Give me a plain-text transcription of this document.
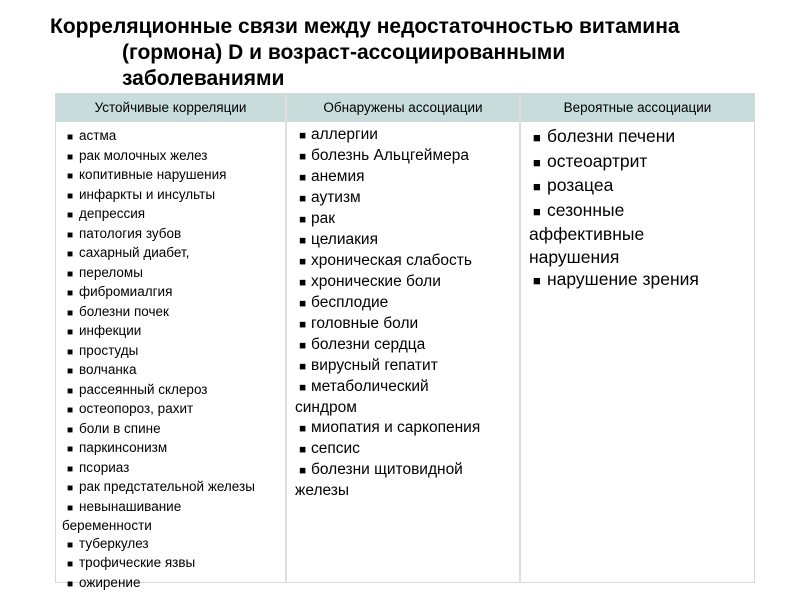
Корреляционные связи между недостаточностью витамина
(гормона) D и возраст-ассоциированными
заболеваниями
Устойчивые корреляции	Обнаружены ассоциации	Вероятные ассоциации
■ астма
■ рак молочных желез
■ копитивные нарушения
■ инфаркты и инсульты
■ депрессия
■ патология зубов
■ сахарный диабет,
■ переломы
■ фибромиалгия
■ болезни почек
■ инфекции
■ простуды
■ волчанка
■ рассеянный склероз
■ остеопороз, рахит
■ боли в спине
■ паркинсонизм
■ псориаз
■ рак предстательной железы
■ невынашивание
беременности
■ туберкулез
■ трофические язвы
■ ожирение
■ аллергии
■ болезнь Альцгеймера
■ анемия
■ аутизм
■ рак
■ целиакия
■ хроническая слабость
■ хронические боли
■ бесплодие
■ головные боли
■ болезни сердца
■ вирусный гепатит
■ метаболический
синдром
■ миопатия и саркопения
■ сепсис
■ болезни щитовидной
железы
■ болезни печени
■ остеоартрит
■ розацеа
■ сезонные
аффективные
нарушения
■ нарушение зрения
